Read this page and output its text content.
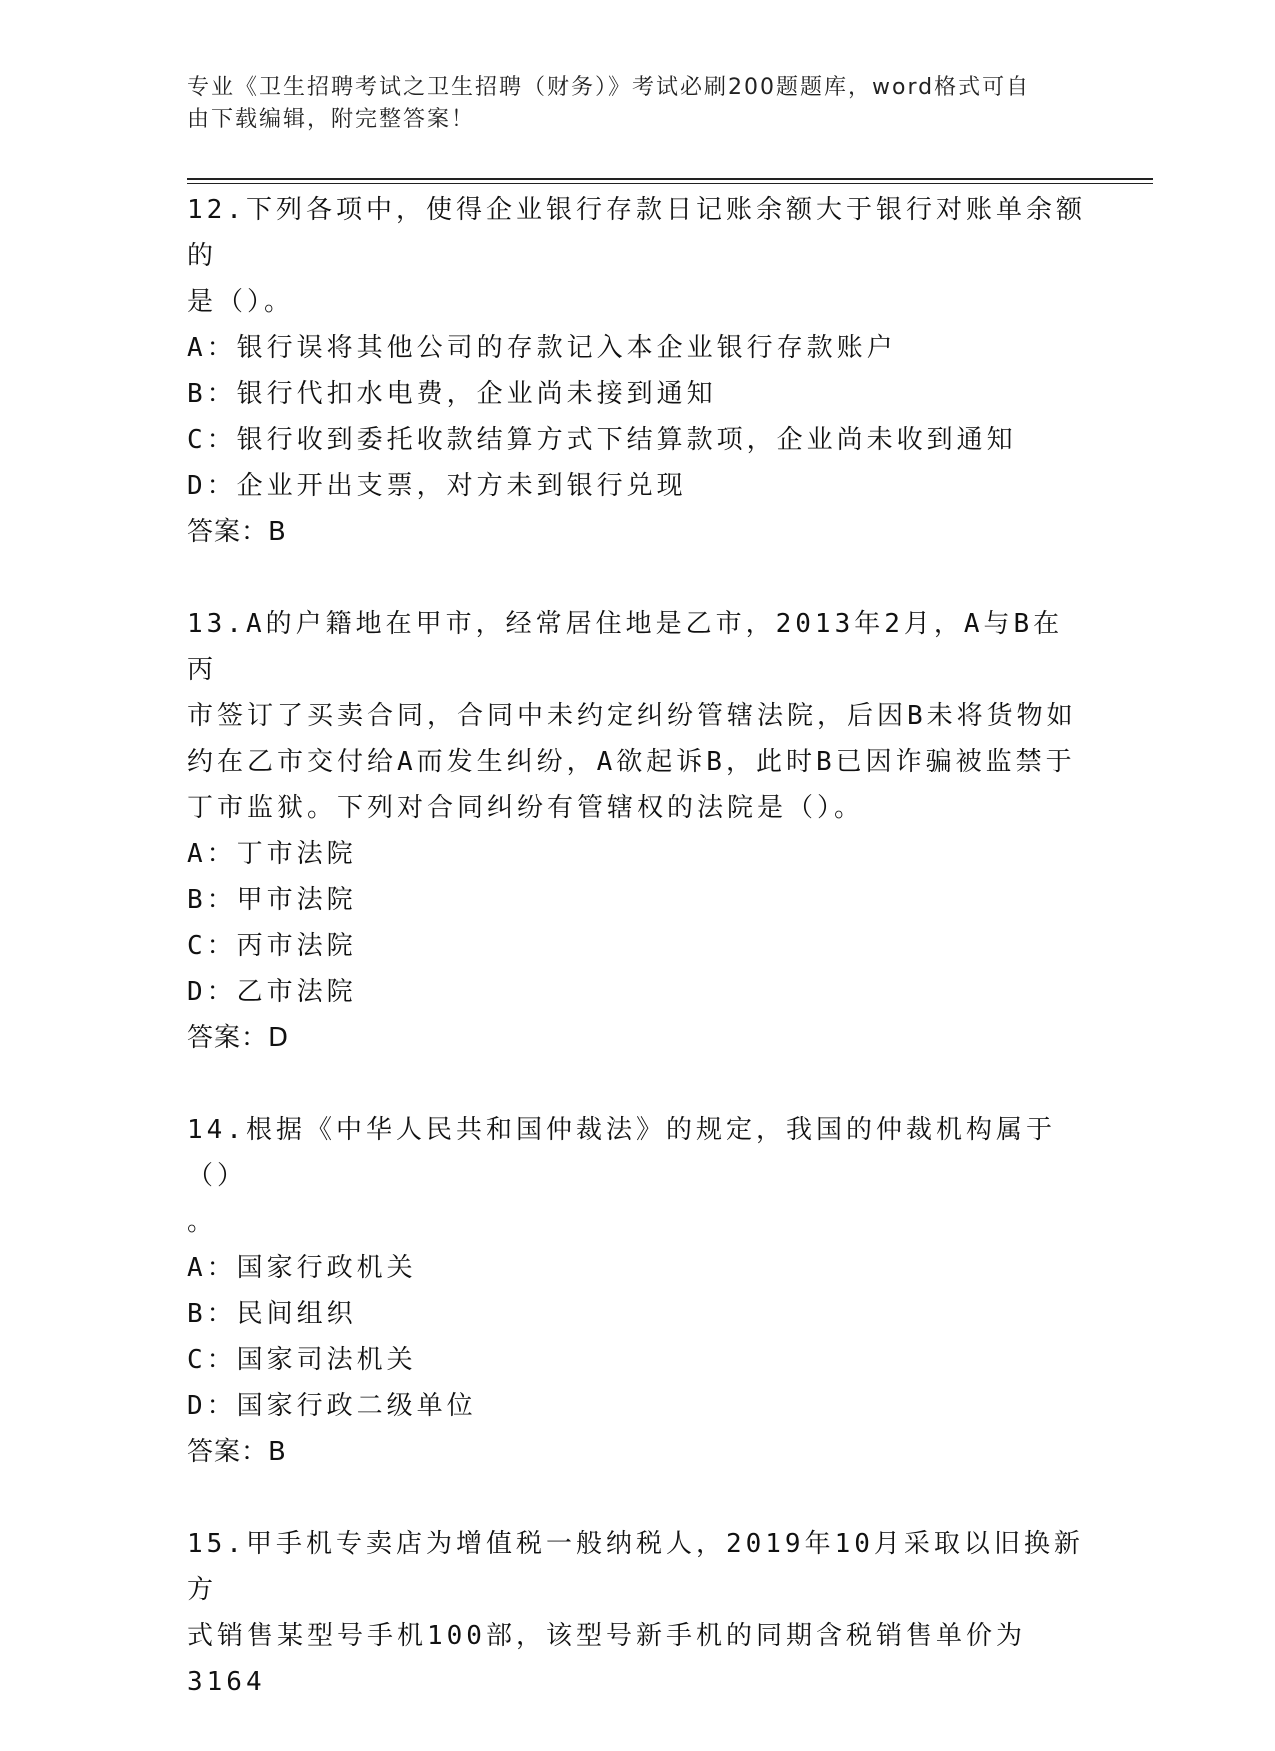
专业《卫生招聘考试之卫生招聘（财务）》考试必刷200题题库，word格式可自
由下载编辑，附完整答案！

12.下列各项中，使得企业银行存款日记账余额大于银行对账单余额的

是（）。

A：银行误将其他公司的存款记入本企业银行存款账户

B：银行代扣水电费，企业尚未接到通知

C：银行收到委托收款结算方式下结算款项，企业尚未收到通知

D：企业开出支票，对方未到银行兑现

答案：B

13.A的户籍地在甲市，经常居住地是乙市，2013年2月，A与B在丙

市签订了买卖合同，合同中未约定纠纷管辖法院，后因B未将货物如

约在乙市交付给A而发生纠纷，A欲起诉B，此时B已因诈骗被监禁于

丁市监狱。下列对合同纠纷有管辖权的法院是（）。

A：丁市法院

B：甲市法院

C：丙市法院

D：乙市法院

答案：D

14.根据《中华人民共和国仲裁法》的规定，我国的仲裁机构属于（）

。

A：国家行政机关

B：民间组织

C：国家司法机关

D：国家行政二级单位

答案：B

15.甲手机专卖店为增值税一般纳税人，2019年10月采取以旧换新方

式销售某型号手机100部，该型号新手机的同期含税销售单价为3164
